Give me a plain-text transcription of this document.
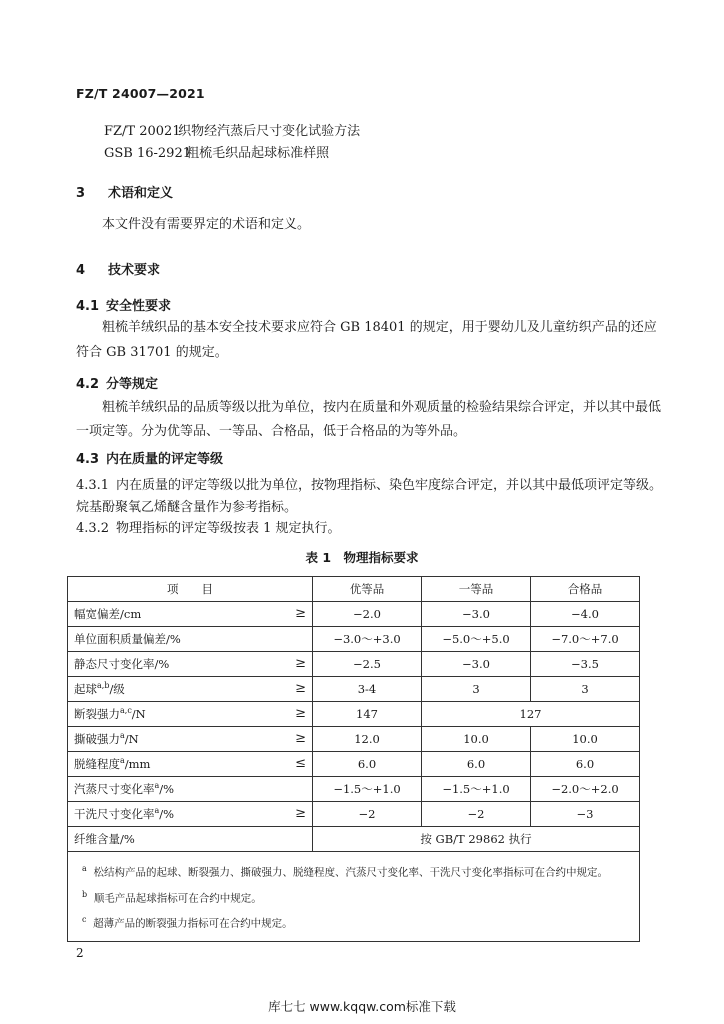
FZ/T 24007—2021
FZ/T 20021 织物经汽蒸后尺寸变化试验方法
GSB 16-2921 粗梳毛织品起球标准样照
3 术语和定义
本文件没有需要界定的术语和定义。
4 技术要求
4.1 安全性要求
粗梳羊绒织品的基本安全技术要求应符合 GB 18401 的规定，用于婴幼儿及儿童纺织产品的还应
符合 GB 31701 的规定。
4.2 分等规定
粗梳羊绒织品的品质等级以批为单位，按内在质量和外观质量的检验结果综合评定，并以其中最低
一项定等。分为优等品、一等品、合格品，低于合格品的为等外品。
4.3 内在质量的评定等级
4.3.1 内在质量的评定等级以批为单位，按物理指标、染色牢度综合评定，并以其中最低项评定等级。
烷基酚聚氧乙烯醚含量作为参考指标。
4.3.2 物理指标的评定等级按表 1 规定执行。
表 1　物理指标要求
项　　目	优等品	一等品	合格品
幅宽偏差/cm ≥	−2.0	−3.0	−4.0
单位面积质量偏差/%	−3.0～+3.0	−5.0～+5.0	−7.0～+7.0
静态尺寸变化率/% ≥	−2.5	−3.0	−3.5
起球$^{a,b}$/级 ≥	3-4	3	3
断裂强力$^{a,c}$/N ≥	147	127	
撕破强力$^a$/N ≥	12.0	10.0	10.0
脱缝程度$^a$/mm ≤	6.0	6.0	6.0
汽蒸尺寸变化率$^a$/%	−1.5～+1.0	−1.5～+1.0	−2.0～+2.0
干洗尺寸变化率$^a$/% ≥	−2	−2	−3
纤维含量/%	按 GB/T 29862 执行		

$^a$ 松结构产品的起球、断裂强力、撕破强力、脱缝程度、汽蒸尺寸变化率、干洗尺寸变化率指标可在合约中规定。
$^b$ 顺毛产品起球指标可在合约中规定。
$^c$ 超薄产品的断裂强力指标可在合约中规定。			
2
库七七 www.kqqw.com标准下载
